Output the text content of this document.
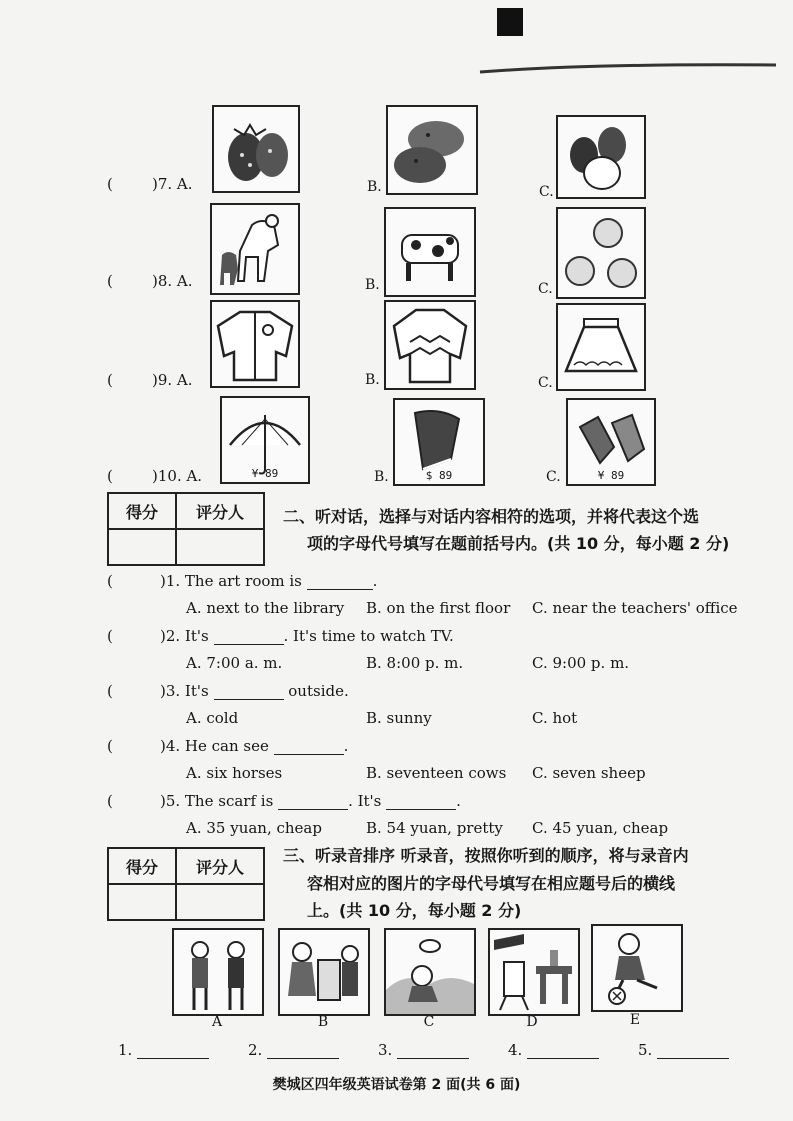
(	)7. A.	B.	C.
(	)8. A.	B.	C.
(	)9. A.	B.	C.
(	)10. A.	¥ 89	B.	$ 89	C.	¥ 89
得分	评分人
	二、听对话，选择与对话内容相符的选项，并将代表这个选
项的字母代号填写在题前括号内。(共 10 分，每小题 2 分)
(	)1. The art room is	.
A. next to the library B. on the first floor C. near the teachers' office
(	)2. It's	. It's time to watch TV.
A. 7:00 a. m.	B. 8:00 p. m.	C. 9:00 p. m.
(	)3. It's	outside.
A. cold	B. sunny	C. hot
(	)4. He can see	.
A. six horses	B. seventeen cows C. seven sheep
(	)5. The scarf is	. It's	.
A. 35 yuan, cheap	B. 54 yuan, pretty C. 45 yuan, cheap
得分	评分人

三、听录音排序 听录音，按照你听到的顺序，将与录音内
容相对应的图片的字母代号填写在相应题号后的横线
上。(共 10 分，每小题 2 分)
A	B	C	D	E
1.	2.	3.	4.	5.
樊城区四年级英语试卷第 2 面(共 6 面)
